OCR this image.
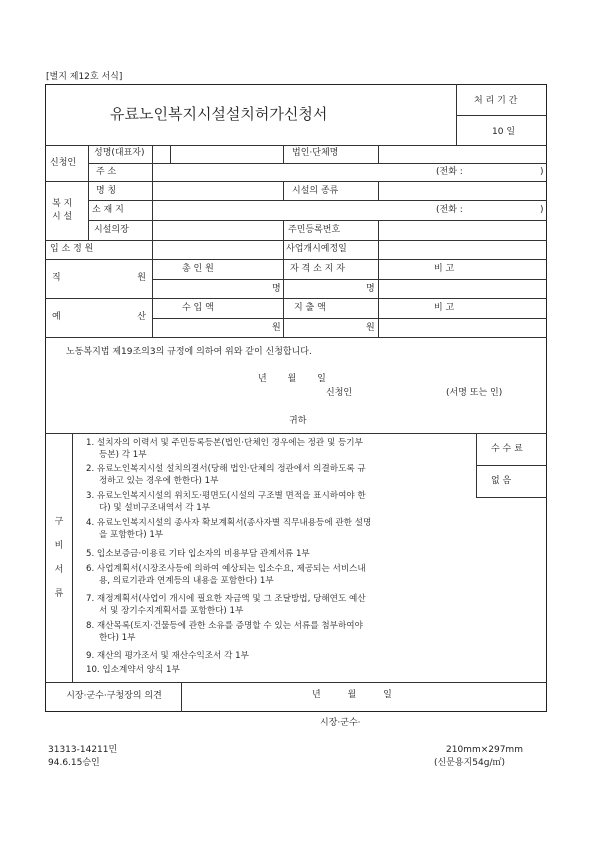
[별지 제12호 서식]
유료노인복지시설설치허가신청서
처 리 기 간
10 일
신청인
성명(대표자)	법인·단체명
주 소	(전화 :	)
복 지 시 설
명 칭	시설의 종류
소 재 지	(전화 :	)
시설의장	주민등록번호
입 소 정 원	사업개시예정일
직 원
총 인 원	자 격 소 지 자	비 고
명	명
예 산
수 입 액	지 출 액	비 고
원	원
노동복지법 제19조의3의 규정에 의하여 위와 같이 신청합니다.
년 월 일
신청인	(서명 또는 인)
귀하
구 비 서 류
1. 설치자의 이력서 및 주민등록등본(법인·단체인 경우에는 정관 및 등기부
등본) 각 1부
2. 유료노인복지시설 설치의결서(당해 법인·단체의 정관에서 의결하도록 규
정하고 있는 경우에 한한다) 1부
3. 유료노인복지시설의 위치도·평면도(시설의 구조별 면적을 표시하여야 한
다) 및 설비구조내역서 각 1부
4. 유료노인복지시설의 종사자 확보계획서(종사자별 직무내용등에 관한 설명
을 포함한다) 1부
5. 입소보증금·이용료 기타 입소자의 비용부담 관계서류 1부
6. 사업계획서(시장조사등에 의하여 예상되는 입소수요, 제공되는 서비스내
용, 의료기관과 연계등의 내용을 포함한다) 1부
7. 재정계획서(사업이 개시에 필요한 자금액 및 그 조달방법, 당해연도 예산
서 및 장기수지계획서를 포함한다) 1부
8. 재산목록(토지·건물등에 관한 소유를 증명할 수 있는 서류를 첨부하여야
한다) 1부
9. 재산의 평가조서 및 재산수익조서 각 1부
10. 입소계약서 양식 1부
수 수 료
없 음
시장·군수·구청장의 의견	년 월 일
시장·군수·
31313-14211민
94.6.15승인
210mm×297mm
(신문용지54g/㎡)
